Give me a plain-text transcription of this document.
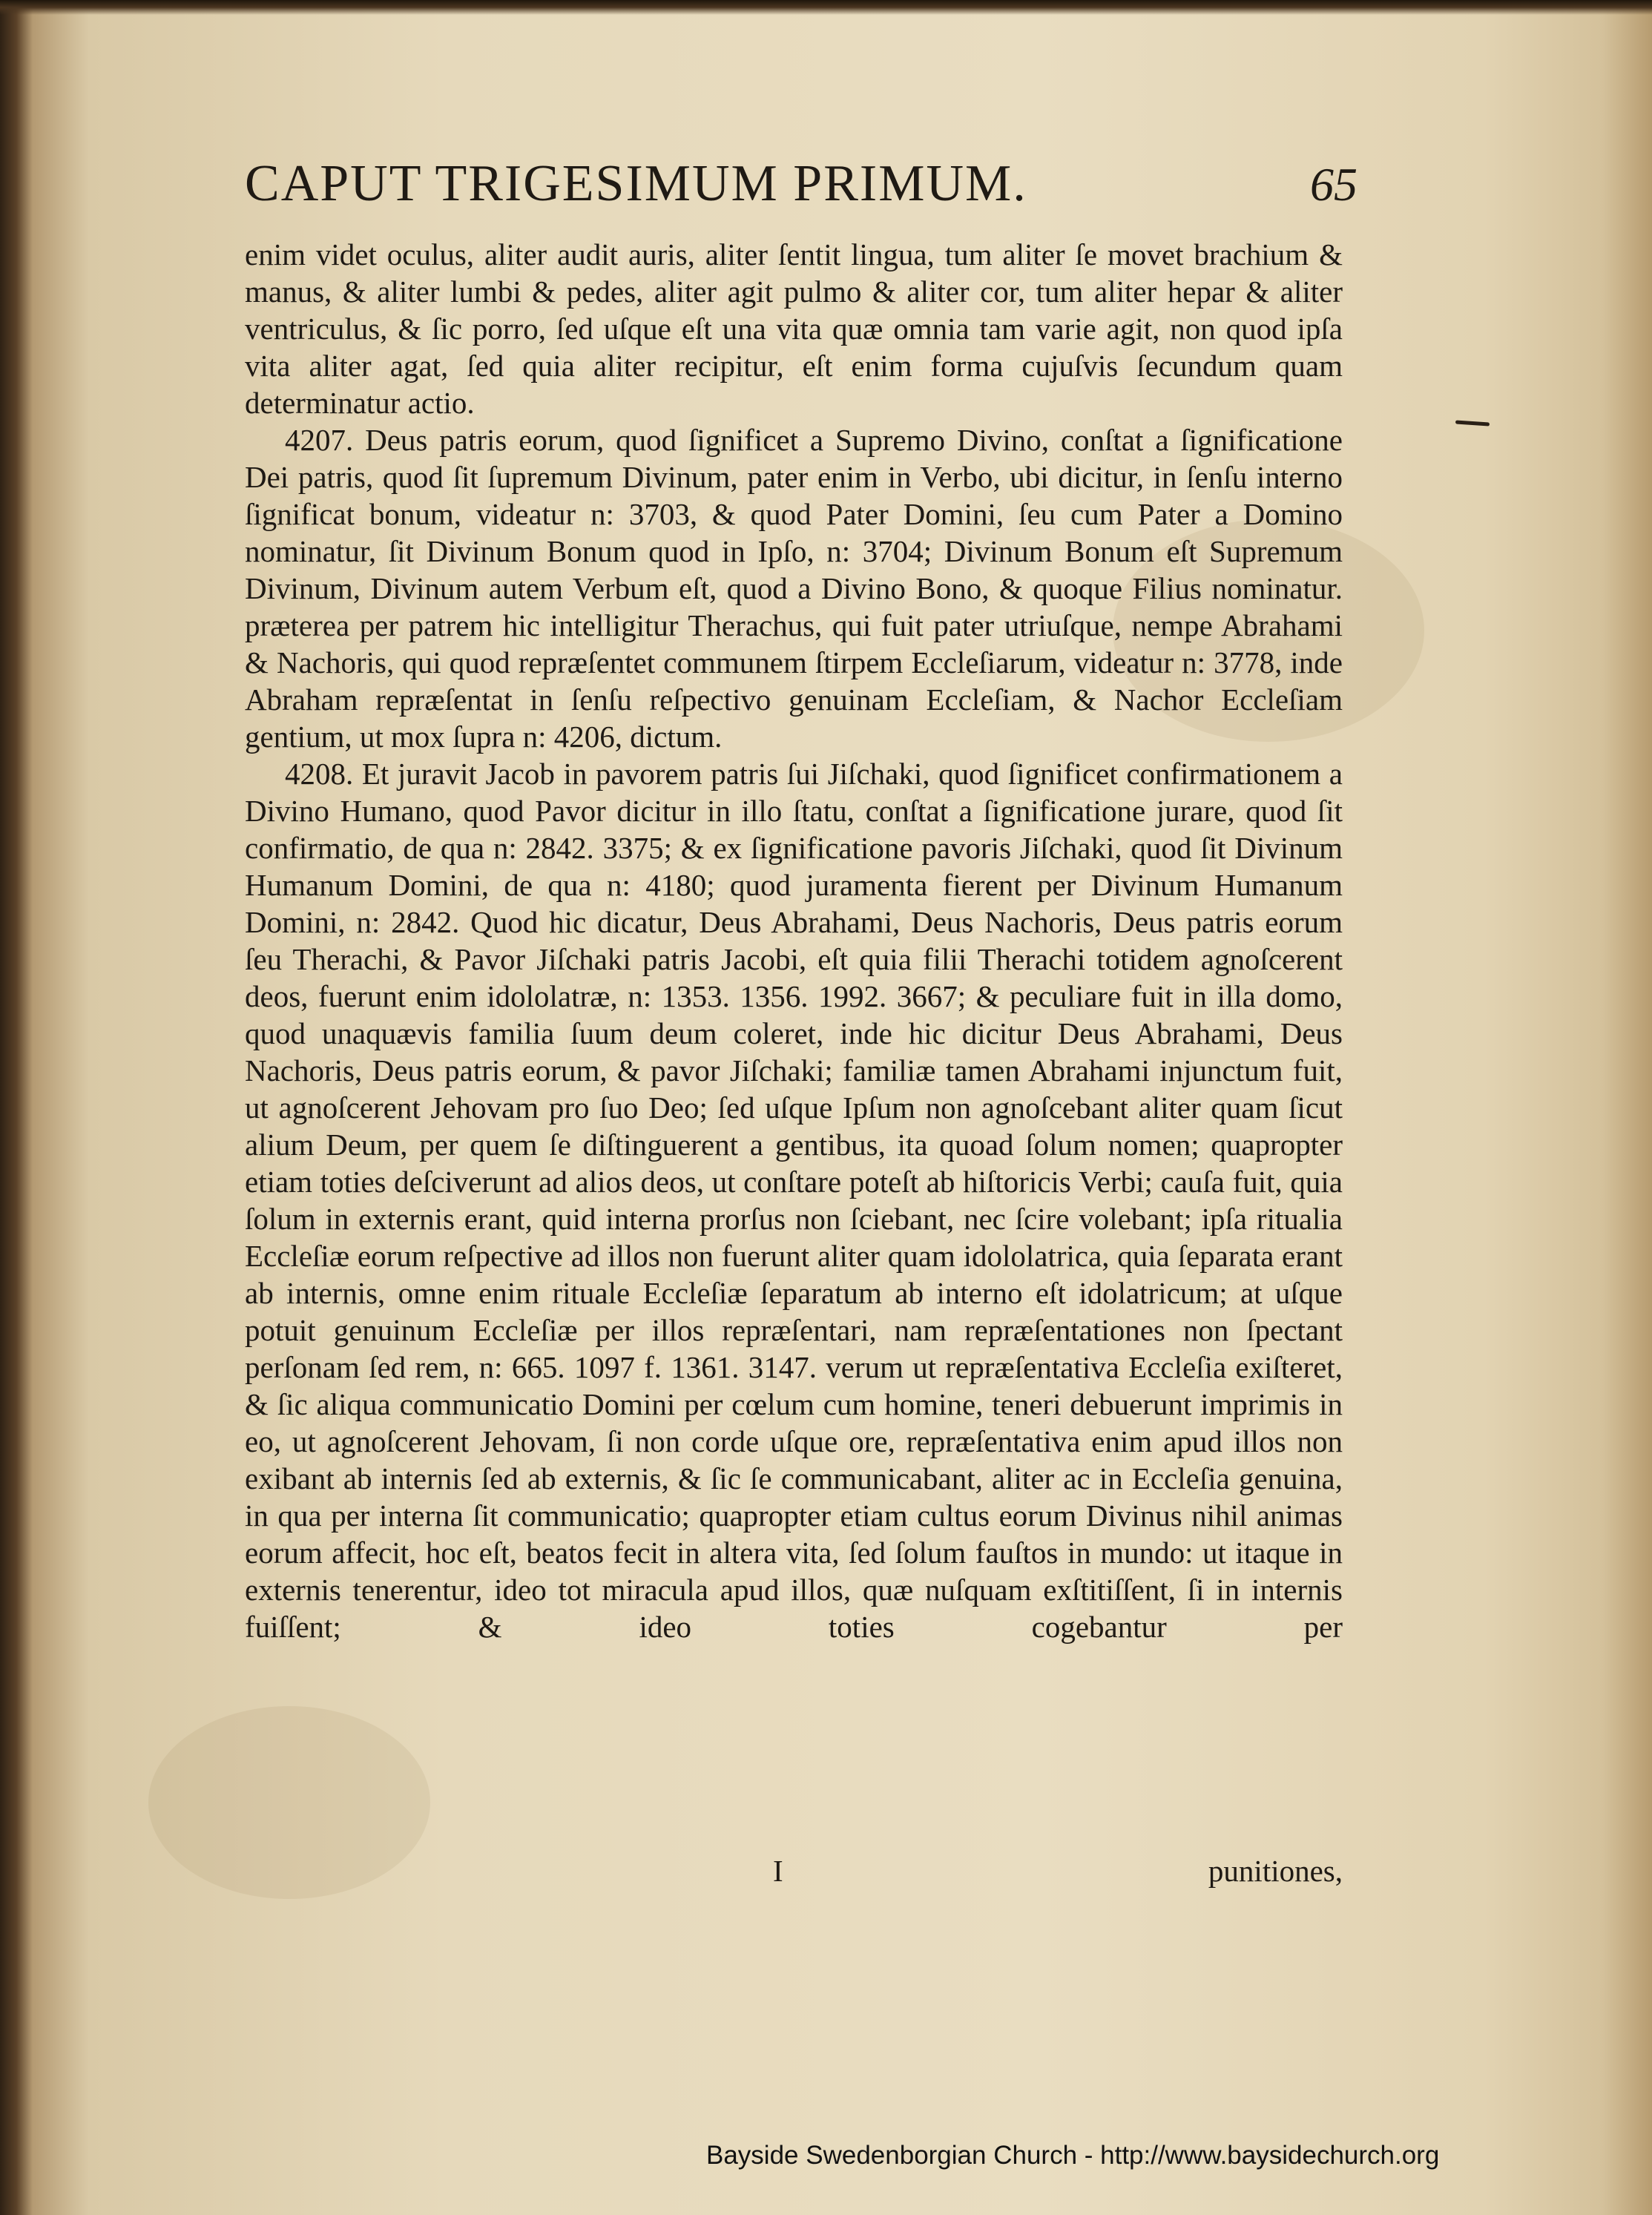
CAPUT TRIGESIMUM PRIMUM.	65

enim videt oculus, aliter audit auris, aliter ſentit lingua, tum aliter ſe movet brachium & manus, & aliter lumbi & pedes, aliter agit pulmo & aliter cor, tum aliter hepar & aliter ventriculus, & ſic porro, ſed uſque eſt una vita quæ omnia tam varie agit, non quod ipſa vita aliter agat, ſed quia aliter recipitur, eſt enim forma cujuſvis ſecundum quam determinatur actio.

4207. Deus patris eorum, quod ſignificet a Supremo Divino, conſtat a ſignificatione Dei patris, quod ſit ſupremum Divinum, pater enim in Verbo, ubi dicitur, in ſenſu interno ſignificat bonum, videatur n: 3703, & quod Pater Domini, ſeu cum Pater a Domino nominatur, ſit Divinum Bonum quod in Ipſo, n: 3704; Divinum Bonum eſt Supremum Divinum, Divinum autem Verbum eſt, quod a Divino Bono, & quoque Filius nominatur. præterea per patrem hic intelligitur Therachus, qui fuit pater utriuſque, nempe Abrahami & Nachoris, qui quod repræſentet communem ſtirpem Eccleſiarum, videatur n: 3778, inde Abraham repræſentat in ſenſu reſpectivo genuinam Eccleſiam, & Nachor Eccleſiam gentium, ut mox ſupra n: 4206, dictum.

4208. Et juravit Jacob in pavorem patris ſui Jiſchaki, quod ſignificet confirmationem a Divino Humano, quod Pavor dicitur in illo ſtatu, conſtat a ſignificatione jurare, quod ſit confirmatio, de qua n: 2842. 3375; & ex ſignificatione pavoris Jiſchaki, quod ſit Divinum Humanum Domini, de qua n: 4180; quod juramenta fierent per Divinum Humanum Domini, n: 2842. Quod hic dicatur, Deus Abrahami, Deus Nachoris, Deus patris eorum ſeu Therachi, & Pavor Jiſchaki patris Jacobi, eſt quia filii Therachi totidem agnoſcerent deos, fuerunt enim idololatræ, n: 1353. 1356. 1992. 3667; & peculiare fuit in illa domo, quod unaquævis familia ſuum deum coleret, inde hic dicitur Deus Abrahami, Deus Nachoris, Deus patris eorum, & pavor Jiſchaki; familiæ tamen Abrahami injunctum fuit, ut agnoſcerent Jehovam pro ſuo Deo; ſed uſque Ipſum non agnoſcebant aliter quam ſicut alium Deum, per quem ſe diſtinguerent a gentibus, ita quoad ſolum nomen; quapropter etiam toties deſciverunt ad alios deos, ut conſtare poteſt ab hiſtoricis Verbi; cauſa fuit, quia ſolum in externis erant, quid interna prorſus non ſciebant, nec ſcire volebant; ipſa ritualia Eccleſiæ eorum reſpective ad illos non fuerunt aliter quam idololatrica, quia ſeparata erant ab internis, omne enim rituale Eccleſiæ ſeparatum ab interno eſt idolatricum; at uſque potuit genuinum Eccleſiæ per illos repræſentari, nam repræſentationes non ſpectant perſonam ſed rem, n: 665. 1097 f. 1361. 3147. verum ut repræſentativa Eccleſia exiſteret, & ſic aliqua communicatio Domini per cœlum cum homine, teneri debuerunt imprimis in eo, ut agnoſcerent Jehovam, ſi non corde uſque ore, repræſentativa enim apud illos non exibant ab internis ſed ab externis, & ſic ſe communicabant, aliter ac in Eccleſia genuina, in qua per interna ſit communicatio; quapropter etiam cultus eorum Divinus nihil animas eorum affecit, hoc eſt, beatos fecit in altera vita, ſed ſolum fauſtos in mundo: ut itaque in externis tenerentur, ideo tot miracula apud illos, quæ nuſquam exſtitiſſent, ſi in internis fuiſſent; & ideo toties cogebantur per

I	punitiones,
Bayside Swedenborgian Church - http://www.baysidechurch.org
